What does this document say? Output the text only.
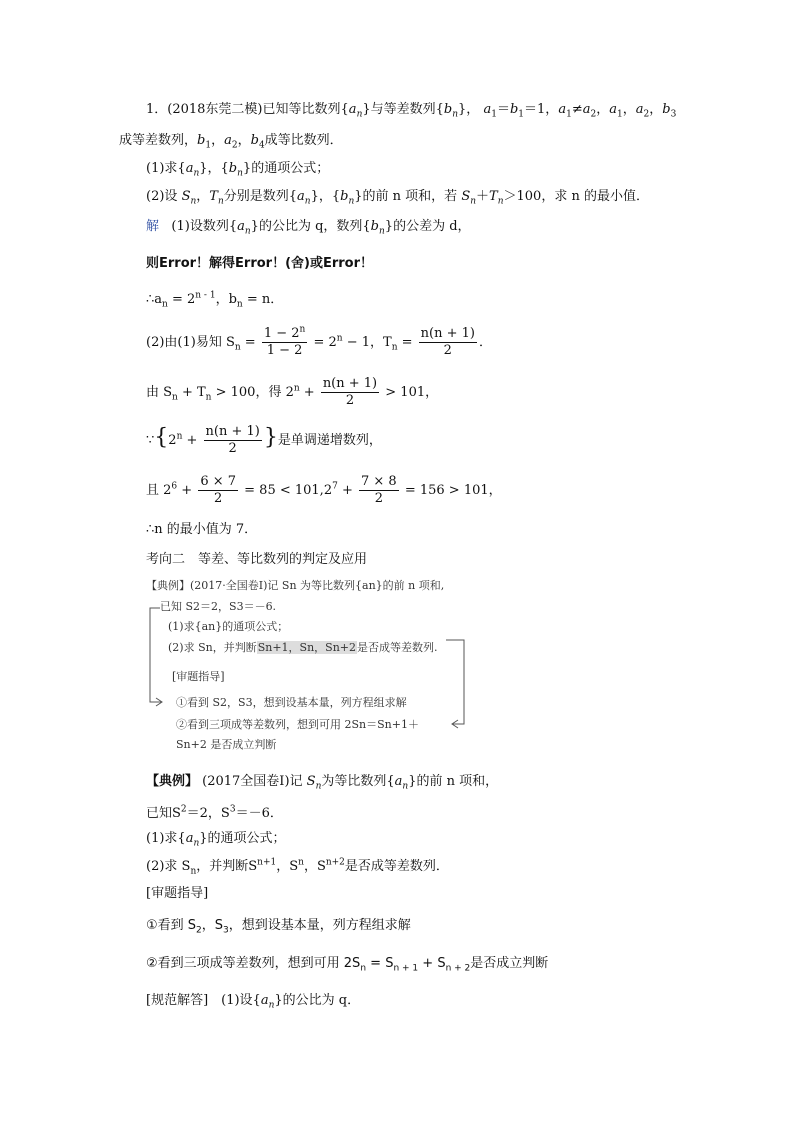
1．(2018东莞二模)已知等比数列$\{a_n\}$与等差数列$\{b_n\}$， $a_1=b_1=1$，$a_1\ne a_2$，$a_1$，$a_2$，$b_3$
成等差数列，$b_1$，$a_2$，$b_4$成等比数列．
(1)求$\{a_n\}$，$\{b_n\}$的通项公式；
(2)设 $S_n$，$T_n$分别是数列$\{a_n\}$，$\{b_n\}$的前 n 项和，若 $S_n+T_n>100$，求 n 的最小值．
解 (1)设数列$\{a_n\}$的公比为 q，数列$\{b_n\}$的公差为 d，
则Error！解得Error！(舍)或Error！
$\therefore a_n = 2^{n - 1}$，$b_n = n$．
(2)由(1)易知 $S_n = \frac{1 - 2^n}{1 - 2} = 2^n - 1$，$T_n = \frac{n(n + 1)}{2}$ ．
由 $S_n + T_n > 100$，得 $2^n + \frac{n(n + 1)}{2} > 101$，
$\because\{2^n + \frac{n(n + 1)}{2}$ }是单调递增数列，
且 $2^6 + \frac{6 \times 7}{2} = 85 < 101,2^7 + \frac{7 \times 8}{2} = 156 > 101$，
∴n 的最小值为 7．
考向二　等差、等比数列的判定及应用
【典例】(2017·全国卷Ⅰ)记 Sn 为等比数列{an}的前 n 项和,
已知 S2＝2，S3＝－6.
(1)求{an}的通项公式；
(2)求 Sn，并判断Sn+1，Sn，Sn+2是否成等差数列.
[审题指导]
①看到 S2，S3，想到设基本量，列方程组求解
②看到三项成等差数列，想到可用 2Sn＝Sn+1＋
Sn+2 是否成立判断
【典例】 (2017全国卷Ⅰ)记 $S_n$为等比数列$\{a_n\}$的前 n 项和，
已知$S^2=2$，$S^3=-6$．
(1)求$\{a_n\}$的通项公式；
(2)求 $S_n$，并判断$S^{n+1}$，$S^n$，$S^{n+2}$是否成等差数列．
[审题指导]
①看到 $S_2$，$S_3$，想到设基本量，列方程组求解
②看到三项成等差数列，想到可用 $2S_n = S_{n + 1} + S_{n + 2}$是否成立判断
[规范解答]　(1)设$\{a_n\}$的公比为 q．
